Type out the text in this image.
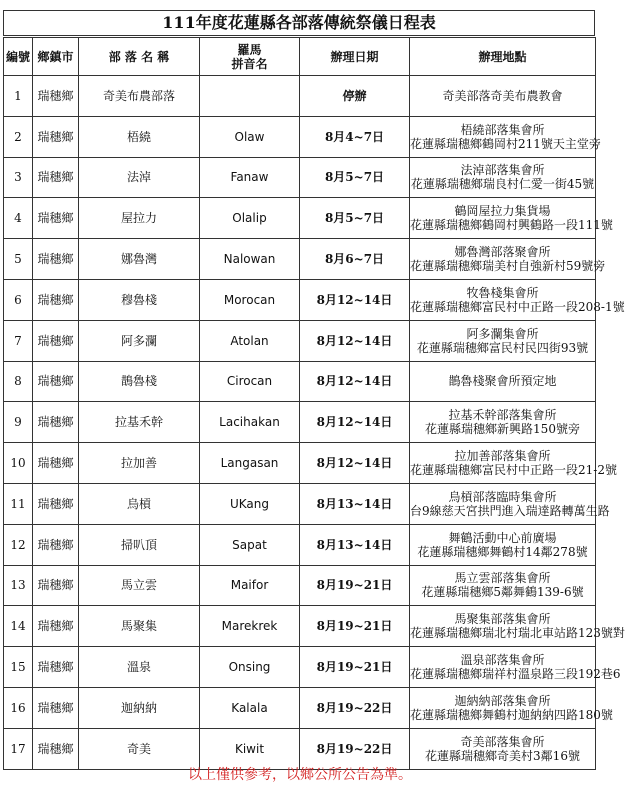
111年度花蓮縣各部落傳統祭儀日程表
編號	鄉鎮市	部 落 名 稱	羅馬
拼音名	辦理日期	辦理地點
1	瑞穗鄉	奇美布農部落		停辦	奇美部落奇美布農教會

2	瑞穗鄉	梧繞	Olaw	8月4~7日	梧繞部落集會所
花蓮縣瑞穗鄉鶴岡村211號天主堂旁

3	瑞穗鄉	法淖	Fanaw	8月5~7日	法淖部落集會所
花蓮縣瑞穗鄉瑞良村仁愛一街45號

4	瑞穗鄉	屋拉力	Olalip	8月5~7日	鶴岡屋拉力集貨場
花蓮縣瑞穗鄉鶴岡村興鶴路一段111號

5	瑞穗鄉	娜魯灣	Nalowan	8月6~7日	娜魯灣部落聚會所
花蓮縣瑞穗鄉瑞美村自強新村59號旁

6	瑞穗鄉	穆魯棧	Morocan	8月12~14日	牧魯棧集會所
花蓮縣瑞穗鄉富民村中正路一段208-1號

7	瑞穗鄉	阿多瀾	Atolan	8月12~14日	阿多瀾集會所
花蓮縣瑞穗鄉富民村民四街93號

8	瑞穗鄉	鵲魯棧	Cirocan	8月12~14日	鵲魯棧聚會所預定地

9	瑞穗鄉	拉基禾幹	Lacihakan	8月12~14日	拉基禾幹部落集會所
花蓮縣瑞穗鄉新興路150號旁

10	瑞穗鄉	拉加善	Langasan	8月12~14日	拉加善部落集會所
花蓮縣瑞穗鄉富民村中正路一段21-2號

11	瑞穗鄉	烏槓	UKang	8月13~14日	烏槓部落臨時集會所
台9線慈天宮拱門進入瑞達路轉萬生路

12	瑞穗鄉	掃叭頂	Sapat	8月13~14日	舞鶴活動中心前廣場
花蓮縣瑞穗鄉舞鶴村14鄰278號

13	瑞穗鄉	馬立雲	Maifor	8月19~21日	馬立雲部落集會所
花蓮縣瑞穗鄉5鄰舞鶴139-6號

14	瑞穗鄉	馬聚集	Marekrek	8月19~21日	馬聚集部落集會所
花蓮縣瑞穗鄉瑞北村瑞北車站路123號對

15	瑞穗鄉	溫泉	Onsing	8月19~21日	溫泉部落集會所
花蓮縣瑞穗鄉瑞祥村溫泉路三段192巷6

16	瑞穗鄉	迦納納	Kalala	8月19~22日	迦納納部落集會所
花蓮縣瑞穗鄉舞鶴村迦納納四路180號

17	瑞穗鄉	奇美	Kiwit	8月19~22日	奇美部落集會所
花蓮縣瑞穗鄉奇美村3鄰16號
以上僅供參考，以鄉公所公告為準。
